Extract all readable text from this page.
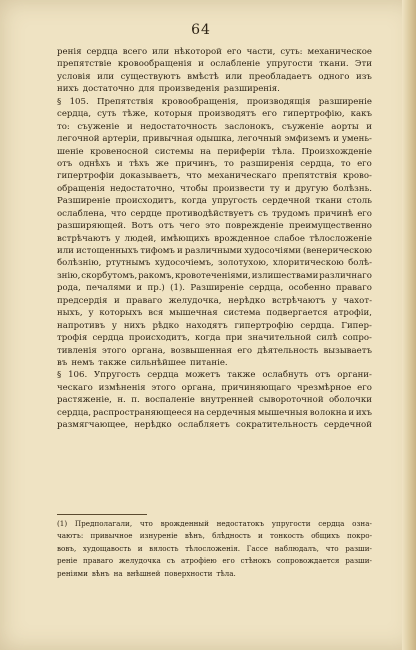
64
ренія сердца всего или нѣкоторой его части, суть: механическое
препятствіе кровообращенія и ослабленіе упругости ткани. Эти
условія или существуютъ вмѣстѣ или преобладаетъ одного изъ
нихъ достаточно для произведенія разширенія.
§ 105. Препятствія кровообращенія, производящія разширеніе
сердца, суть тѣже, которыя производятъ его гипертрофію, какъ
то: съуженіе и недостаточность заслонокъ, съуженіе аорты и
легочной артеріи, привычная одышка, легочный эмфиземъ и умень-
шеніе кровеносной системы на периферіи тѣла. Произхожденіе
отъ однѣхъ и тѣхъ же причинъ, то разширенія сердца, то его
гипертрофіи доказываетъ, что механическаго препятствія крово-
обращенія недостаточно, чтобы произвести ту и другую болѣзнь.
Разширеніе происходитъ, когда упругость сердечной ткани столь
ослаблена, что сердце противодѣйствуетъ съ трудомъ причинѣ его
разширяющей. Вотъ отъ чего это поврежденіе преимущественно
встрѣчаютъ у людей, имѣющихъ врожденное слабое тѣлосложеніе
или истощенныхъ тифомъ и различными худосочіями (венерическою
болѣзнію, ртутнымъ худосочіемъ, золотухою, хлоритическою болѣ-
знію, скорбутомъ, ракомъ, кровотеченіями, излишествами различнаго
рода, печалями и пр.) (1). Разширеніе сердца, особенно праваго
предсердія и праваго желудочка, нерѣдко встрѣчаютъ у чахот-
ныхъ, у которыхъ вся мышечная система подвергается атрофіи,
напротивъ у нихъ рѣдко находятъ гипертрофію сердца. Гипер-
трофія сердца происходитъ, когда при значительной силѣ сопро-
тивленія этого органа, возвышенная его дѣятельность вызываетъ
въ немъ также сильнѣйшее питаніе.
§ 106. Упругость сердца можетъ также ослабнуть отъ органи-
ческаго измѣненія этого органа, причиняющаго чрезмѣрное его
растяженіе, н. п. воспаленіе внутренней сывороточной оболочки
сердца, распространяющееся на сердечныя мышечныя волокна и ихъ
размягчающее, нерѣдко ослабляетъ сократительность сердечной
(1) Предполагали, что врожденный недостатокъ упругости сердца озна-
чаютъ: привычное изнуреніе вѣнъ, блѣдность и тонкость общихъ покро-
вовъ, худощавость и вялость тѣлосложенія. Гассе наблюдалъ, что разши-
реніе праваго желудочка съ атрофіею его стѣнокъ сопровождается разши-
реніями вѣнъ на внѣшней поверхности тѣла.
